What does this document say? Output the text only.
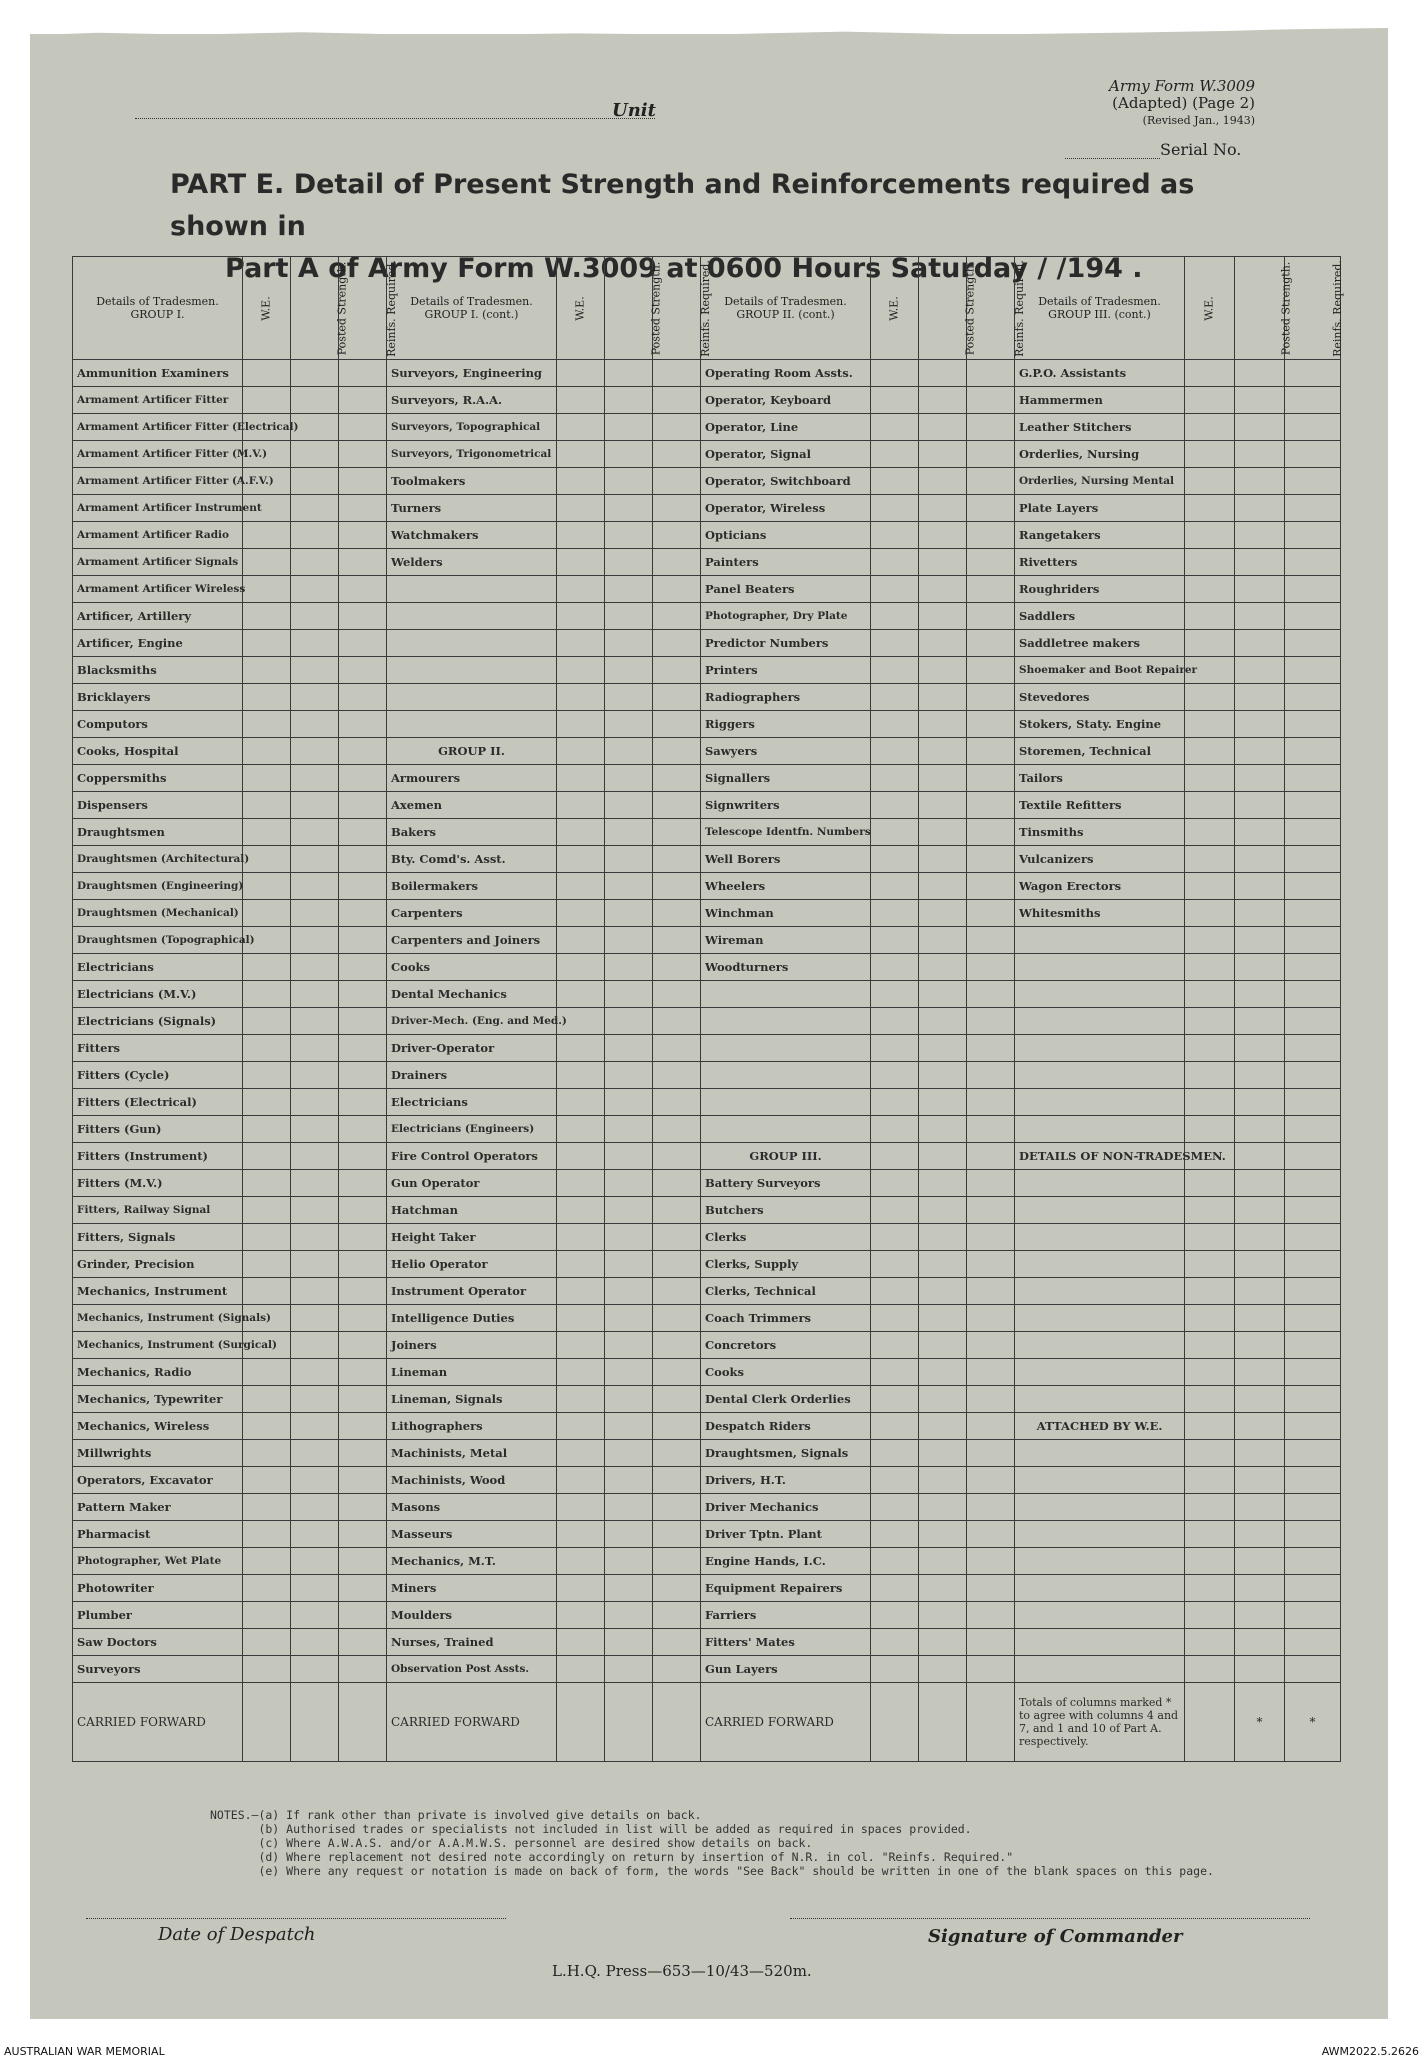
Unit
Army Form W.3009
(Adapted) (Page 2)
(Revised Jan., 1943)
Serial No.
PART E. Detail of Present Strength and Reinforcements required as shown in
Part A of Army Form W.3009 at 0600 Hours Saturday / /194 .
Details of Tradesmen. GROUP I.	W.E.	Posted Strength.	Reinfs. Required.	Details of Tradesmen. GROUP I. (cont.)	W.E.	Posted Strength.	Reinfs. Required.	Details of Tradesmen. GROUP II. (cont.)	W.E.	Posted Strength.	Reinfs. Required.	Details of Tradesmen. GROUP III. (cont.)	W.E.	Posted Strength.	Reinfs. Required.
Ammunition Examiners				Surveyors, Engineering				Operating Room Assts.				G.P.O. Assistants			
Armament Artificer Fitter				Surveyors, R.A.A.				Operator, Keyboard				Hammermen			
Armament Artificer Fitter (Electrical)				Surveyors, Topographical				Operator, Line				Leather Stitchers			
Armament Artificer Fitter (M.V.)				Surveyors, Trigonometrical				Operator, Signal				Orderlies, Nursing			
Armament Artificer Fitter (A.F.V.)				Toolmakers				Operator, Switchboard				Orderlies, Nursing Mental			
Armament Artificer Instrument				Turners				Operator, Wireless				Plate Layers			
Armament Artificer Radio				Watchmakers				Opticians				Rangetakers			
Armament Artificer Signals				Welders				Painters				Rivetters			
Armament Artificer Wireless								Panel Beaters				Roughriders			
Artificer, Artillery								Photographer, Dry Plate				Saddlers			
Artificer, Engine								Predictor Numbers				Saddletree makers			
Blacksmiths								Printers				Shoemaker and Boot Repairer			
Bricklayers								Radiographers				Stevedores			
Computors								Riggers				Stokers, Staty. Engine			
Cooks, Hospital				GROUP II.				Sawyers				Storemen, Technical			
Coppersmiths				Armourers				Signallers				Tailors			
Dispensers				Axemen				Signwriters				Textile Refitters			
Draughtsmen				Bakers				Telescope Identfn. Numbers				Tinsmiths			
Draughtsmen (Architectural)				Bty. Comd's. Asst.				Well Borers				Vulcanizers			
Draughtsmen (Engineering)				Boilermakers				Wheelers				Wagon Erectors			
Draughtsmen (Mechanical)				Carpenters				Winchman				Whitesmiths			
Draughtsmen (Topographical)				Carpenters and Joiners				Wireman							
Electricians				Cooks				Woodturners							
Electricians (M.V.)				Dental Mechanics											
Electricians (Signals)				Driver-Mech. (Eng. and Med.)											
Fitters				Driver-Operator											
Fitters (Cycle)				Drainers											
Fitters (Electrical)				Electricians											
Fitters (Gun)				Electricians (Engineers)											
Fitters (Instrument)				Fire Control Operators				GROUP III.				DETAILS OF NON-TRADESMEN.			
Fitters (M.V.)				Gun Operator				Battery Surveyors							
Fitters, Railway Signal				Hatchman				Butchers							
Fitters, Signals				Height Taker				Clerks							
Grinder, Precision				Helio Operator				Clerks, Supply							
Mechanics, Instrument				Instrument Operator				Clerks, Technical							
Mechanics, Instrument (Signals)				Intelligence Duties				Coach Trimmers							
Mechanics, Instrument (Surgical)				Joiners				Concretors							
Mechanics, Radio				Lineman				Cooks							
Mechanics, Typewriter				Lineman, Signals				Dental Clerk Orderlies							
Mechanics, Wireless				Lithographers				Despatch Riders				ATTACHED BY W.E.			
Millwrights				Machinists, Metal				Draughtsmen, Signals							
Operators, Excavator				Machinists, Wood				Drivers, H.T.							
Pattern Maker				Masons				Driver Mechanics							
Pharmacist				Masseurs				Driver Tptn. Plant							
Photographer, Wet Plate				Mechanics, M.T.				Engine Hands, I.C.							
Photowriter				Miners				Equipment Repairers							
Plumber				Moulders				Farriers							
Saw Doctors				Nurses, Trained				Fitters' Mates							
Surveyors				Observation Post Assts.				Gun Layers							
CARRIED FORWARD				CARRIED FORWARD				CARRIED FORWARD				Totals of columns marked * to agree with columns 4 and 7, and 1 and 10 of Part A. respectively.		*	*
NOTES.—(a) If rank other than private is involved give details on back.
(b) Authorised trades or specialists not included in list will be added as required in spaces provided.
(c) Where A.W.A.S. and/or A.A.M.W.S. personnel are desired show details on back.
(d) Where replacement not desired note accordingly on return by insertion of N.R. in col. "Reinfs. Required."
(e) Where any request or notation is made on back of form, the words "See Back" should be written in one of the blank spaces on this page.
Date of Despatch	Signature of Commander
L.H.Q. Press—653—10/43—520m.
AUSTRALIAN WAR MEMORIAL	AWM2022.5.2626
